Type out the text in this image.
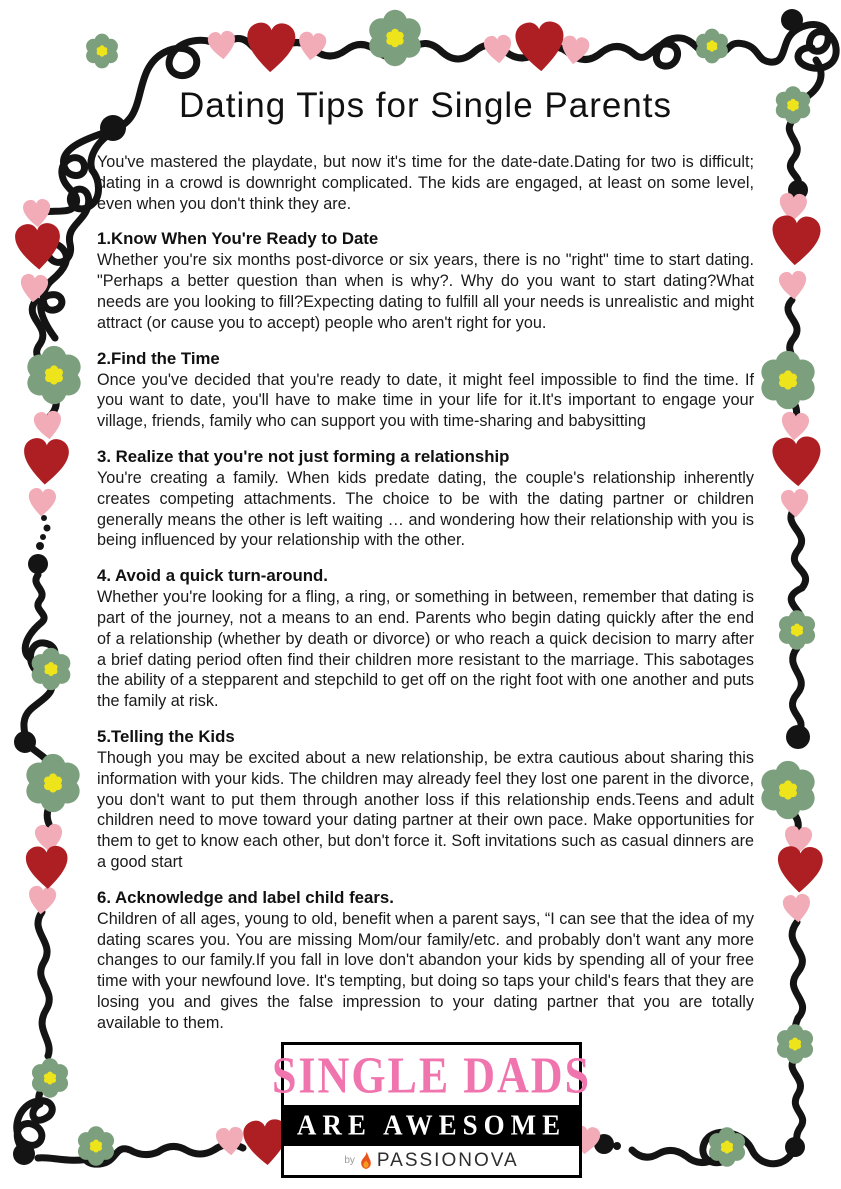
Dating Tips for Single Parents

You've mastered the playdate, but now it's time for the date-date.Dating for two is difficult; dating in a crowd is downright complicated. The kids are engaged, at least on some level, even when you don't think they are.

1.Know When You're Ready to Date

Whether you're six months post-divorce or six years, there is no "right" time to start dating. "Perhaps a better question than when is why?. Why do you want to start dating?What needs are you looking to fill?Expecting dating to fulfill all your needs is unrealistic and might attract (or cause you to accept) people who aren't right for you.

2.Find the Time

Once you've decided that you're ready to date, it might feel impossible to find the time. If you want to date, you'll have to make time in your life for it.It's important to engage your village, friends, family who can support you with time-sharing and babysitting

3. Realize that you're not just forming a relationship

You're creating a family. When kids predate dating, the couple's relationship inherently creates competing attachments. The choice to be with the dating partner or children generally means the other is left waiting … and wondering how their relationship with you is being influenced by your relationship with the other.

4. Avoid a quick turn-around.

Whether you're looking for a fling, a ring, or something in between, remember that dating is part of the journey, not a means to an end. Parents who begin dating quickly after the end of a relationship (whether by death or divorce) or who reach a quick decision to marry after a brief dating period often find their children more resistant to the marriage. This sabotages the ability of a stepparent and stepchild to get off on the right foot with one another and puts the family at risk.

5.Telling the Kids

Though you may be excited about a new relationship, be extra cautious about sharing this information with your kids. The children may already feel they lost one parent in the divorce, you don't want to put them through another loss if this relationship ends.Teens and adult children need to move toward your dating partner at their own pace. Make opportunities for them to get to know each other, but don't force it. Soft invitations such as casual dinners are a good start

6. Acknowledge and label child fears.

Children of all ages, young to old, benefit when a parent says, “I can see that the idea of my dating scares you. You are missing Mom/our family/etc. and probably don't want any more changes to our family.If you fall in love don't abandon your kids by spending all of your free time with your newfound love. It's tempting, but doing so taps your child's fears that they are losing you and gives the false impression to your dating partner that you are totally available to them.

SINGLE DADS
ARE AWESOME
by PASSIONOVA
